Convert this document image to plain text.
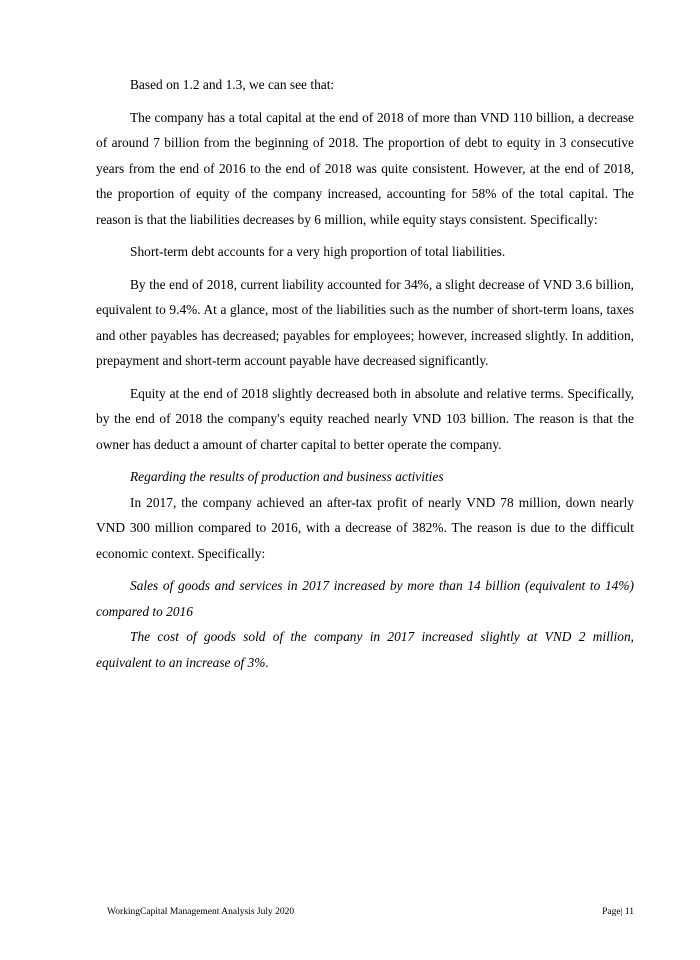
Based on 1.2 and 1.3, we can see that:

The company has a total capital at the end of 2018 of more than VND 110 billion, a decrease of around 7 billion from the beginning of 2018. The proportion of debt to equity in 3 consecutive years from the end of 2016 to the end of 2018 was quite consistent. However, at the end of 2018, the proportion of equity of the company increased, accounting for 58% of the total capital. The reason is that the liabilities decreases by 6 million, while equity stays consistent. Specifically:

Short-term debt accounts for a very high proportion of total liabilities.

By the end of 2018, current liability accounted for 34%, a slight decrease of VND 3.6 billion, equivalent to 9.4%. At a glance, most of the liabilities such as the number of short-term loans, taxes and other payables has decreased; payables for employees; however, increased slightly. In addition, prepayment and short-term account payable have decreased significantly.

Equity at the end of 2018 slightly decreased both in absolute and relative terms. Specifically, by the end of 2018 the company's equity reached nearly VND 103 billion. The reason is that the owner has deduct a amount of charter capital to better operate the company.

Regarding the results of production and business activities

In 2017, the company achieved an after-tax profit of nearly VND 78 million, down nearly VND 300 million compared to 2016, with a decrease of 382%. The reason is due to the difficult economic context. Specifically:

Sales of goods and services in 2017 increased by more than 14 billion (equivalent to 14%) compared to 2016

The cost of goods sold of the company in 2017 increased slightly at VND 2 million, equivalent to an increase of 3%.

WorkingCapital Management Analysis July 2020	Page| 11
